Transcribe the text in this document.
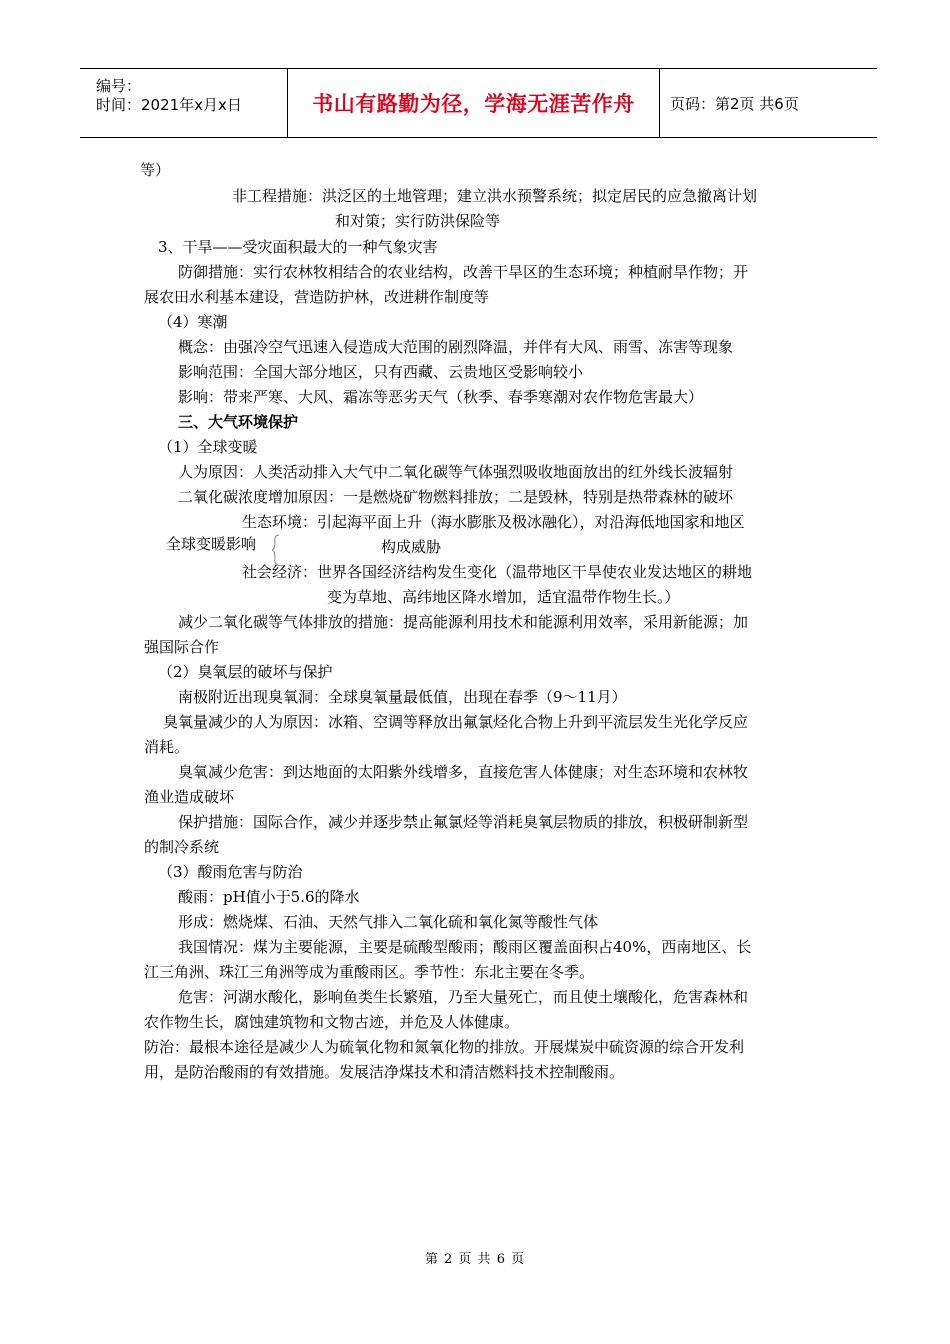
编号：
时间：2021年x月x日	书山有路勤为径，学海无涯苦作舟 页码：第2页 共6页
等）
非工程措施：洪泛区的土地管理；建立洪水预警系统；拟定居民的应急撤离计划
和对策；实行防洪保险等
3、干旱——受灾面积最大的一种气象灾害
防御措施：实行农林牧相结合的农业结构，改善干旱区的生态环境；种植耐旱作物；开
展农田水利基本建设，营造防护林，改进耕作制度等
（4）寒潮
概念：由强冷空气迅速入侵造成大范围的剧烈降温，并伴有大风、雨雪、冻害等现象
影响范围：全国大部分地区，只有西藏、云贵地区受影响较小
影响：带来严寒、大风、霜冻等恶劣天气（秋季、春季寒潮对农作物危害最大）
三、大气环境保护
（1）全球变暖
人为原因：人类活动排入大气中二氧化碳等气体强烈吸收地面放出的红外线长波辐射
二氧化碳浓度增加原因：一是燃烧矿物燃料排放；二是毁林，特别是热带森林的破坏
生态环境：引起海平面上升（海水膨胀及极冰融化），对沿海低地国家和地区
全球变暖影响	构成威胁
社会经济：世界各国经济结构发生变化（温带地区干旱使农业发达地区的耕地
变为草地、高纬地区降水增加，适宜温带作物生长。）
减少二氧化碳等气体排放的措施：提高能源利用技术和能源利用效率，采用新能源；加
强国际合作
（2）臭氧层的破坏与保护
南极附近出现臭氧洞：全球臭氧量最低值，出现在春季（9～11月）
臭氧量减少的人为原因：冰箱、空调等释放出氟氯烃化合物上升到平流层发生光化学反应
消耗。
臭氧减少危害：到达地面的太阳紫外线增多，直接危害人体健康；对生态环境和农林牧
渔业造成破坏
保护措施：国际合作，减少并逐步禁止氟氯烃等消耗臭氧层物质的排放，积极研制新型
的制冷系统
（3）酸雨危害与防治
酸雨：pH值小于5.6的降水
形成：燃烧煤、石油、天然气排入二氧化硫和氧化氮等酸性气体
我国情况：煤为主要能源，主要是硫酸型酸雨；酸雨区覆盖面积占40%，西南地区、长
江三角洲、珠江三角洲等成为重酸雨区。季节性：东北主要在冬季。
危害：河湖水酸化，影响鱼类生长繁殖，乃至大量死亡，而且使土壤酸化，危害森林和
农作物生长，腐蚀建筑物和文物古迹，并危及人体健康。
防治：最根本途径是减少人为硫氧化物和氮氧化物的排放。开展煤炭中硫资源的综合开发利
用，是防治酸雨的有效措施。发展洁净煤技术和清洁燃料技术控制酸雨。
第 2 页 共 6 页
